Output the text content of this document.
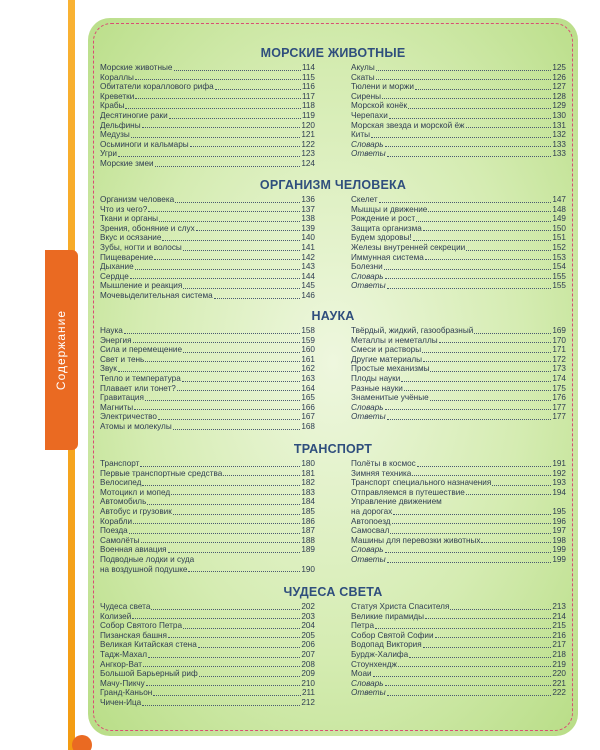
Содержание
МОРСКИЕ ЖИВОТНЫЕ
Морские животные	114
Кораллы	115
Обитатели кораллового рифа	116
Креветки	117
Крабы	118
Десятиногие раки	119
Дельфины	120
Медузы	121
Осьминоги и кальмары	122
Угри	123
Морские змеи	124
Акулы	125
Скаты	126
Тюлени и моржи	127
Сирены	128
Морской конёк	129
Черепахи	130
Морская звезда и морской ёж	131
Киты	132
Словарь	133
Ответы	133
ОРГАНИЗМ ЧЕЛОВЕКА
Организм человека	136
Что из чего?	137
Ткани и органы	138
Зрения, обоняние и слух	139
Вкус и осязание	140
Зубы, ногти и волосы	141
Пищеварение	142
Дыхание	143
Сердце	144
Мышление и реакция	145
Мочевыделительная система	146
Скелет	147
Мышцы и движение	148
Рождение и рост	149
Защита организма	150
Будем здоровы!	151
Железы внутренней секреции	152
Иммунная система	153
Болезни	154
Словарь	155
Ответы	155
НАУКА
Наука	158
Энергия	159
Сила и перемещение	160
Свет и тень	161
Звук	162
Тепло и температура	163
Плавает или тонет?	164
Гравитация	165
Магниты	166
Электричество	167
Атомы и молекулы	168
Твёрдый, жидкий, газообразный	169
Металлы и неметаллы	170
Смеси и растворы	171
Другие материалы	172
Простые механизмы	173
Плоды науки	174
Разные науки	175
Знаменитые учёные	176
Словарь	177
Ответы	177
ТРАНСПОРТ
Транспорт	180
Первые транспортные средства	181
Велосипед	182
Мотоцикл и мопед	183
Автомобиль	184
Автобус и грузовик	185
Корабли	186
Поезда	187
Самолёты	188
Военная авиация	189
Подводные лодки и суда
на воздушной подушке	190
Полёты в космос	191
Зимняя техника	192
Транспорт специального назначения	193
Отправляемся в путешествие	194
Управление движением
на дорогах	195
Автопоезд	196
Самосвал	197
Машины для перевозки животных	198
Словарь	199
Ответы	199
ЧУДЕСА СВЕТА
Чудеса света	202
Колизей	203
Собор Святого Петра	204
Пизанская башня	205
Великая Китайская стена	206
Тадж-Махал	207
Ангкор-Ват	208
Большой Барьерный риф	209
Мачу-Пикчу	210
Гранд-Каньон	211
Чичен-Ица	212
Статуя Христа Спасителя	213
Великие пирамиды	214
Петра	215
Собор Святой Софии	216
Водопад Виктория	217
Бурдж-Халифа	218
Стоунхендж	219
Моаи	220
Словарь	221
Ответы	222
